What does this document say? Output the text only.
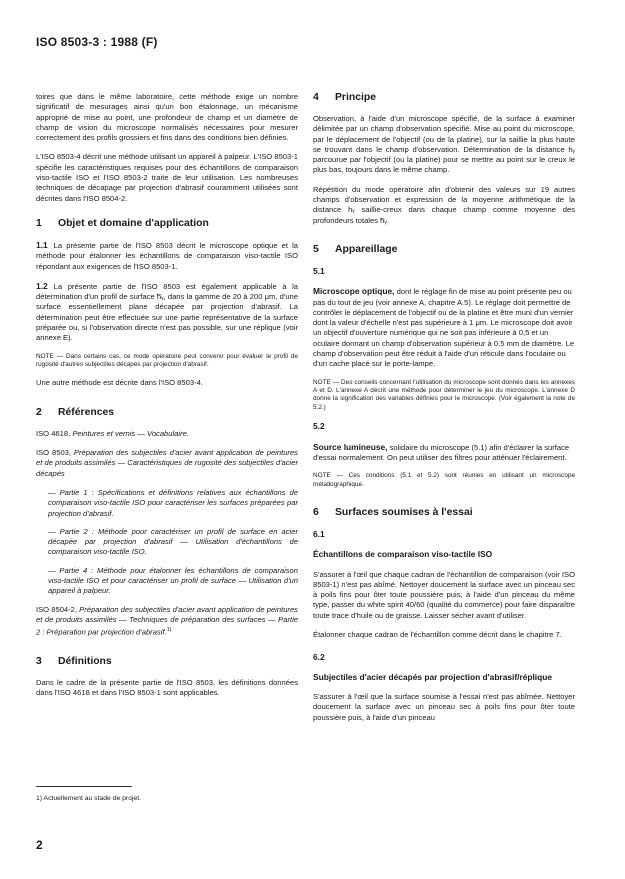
ISO 8503-3 : 1988 (F)

toires que dans le même laboratoire, cette méthode exige un nombre significatif de mesurages ainsi qu'un bon étalonnage, un mécanisme approprié de mise au point, une profondeur de champ et un diamètre de champ de vision du microscope normalisés nécessaires pour mesurer correctement des profils grossiers et fins dans des conditions bien définies.

L'ISO 8503-4 décrit une méthode utilisant un appareil à palpeur. L'ISO 8503-1 spécifie les caractéristiques requises pour des échantillons de comparaison viso-tactile ISO et l'ISO 8503-2 traite de leur utilisation. Les nombreuses techniques de décapage par projection d'abrasif couramment utilisées sont décrites dans l'ISO 8504-2.

1 Objet et domaine d'application

1.1 La présente partie de l'ISO 8503 décrit le microscope optique et la méthode pour étalonner les échantillons de comparaison viso-tactile ISO répondant aux exigences de l'ISO 8503-1.

1.2 La présente partie de l'ISO 8503 est également applicable à la détermination d'un profil de surface h̅ᵧ, dans la gamme de 20 à 200 μm, d'une surface essentiellement plane décapée par projection d'abrasif. La détermination peut être effectuée sur une partie représentative de la surface préparée ou, si l'observation directe n'est pas possible, sur une réplique (voir annexe E).

NOTE — Dans certains cas, ce mode opératoire peut convenir pour évaluer le profil de rugosité d'autres subjectiles décapés par projection d'abrasif.

Une autre méthode est décrite dans l'ISO 8503-4.

2 Références

ISO 4618, Peintures et vernis — Vocabulaire.

ISO 8503, Préparation des subjectiles d'acier avant application de peintures et de produits assimilés — Caractéristiques de rugosité des subjectiles d'acier décapés

— Partie 1 : Spécifications et définitions relatives aux échantillons de comparaison viso-tactile ISO pour caractériser les surfaces préparées par projection d'abrasif.

— Partie 2 : Méthode pour caractériser un profil de surface en acier décapée par projection d'abrasif — Utilisation d'échantillons de comparaison viso-tactile ISO.

— Partie 4 : Méthode pour étalonner les échantillons de comparaison viso-tactile ISO et pour caractériser un profil de surface — Utilisation d'un appareil à palpeur.

ISO 8504-2, Préparation des subjectiles d'acier avant application de peintures et de produits assimilés — Techniques de préparation des surfaces — Partie 2 : Préparation par projection d'abrasif.$^{1)}$

3 Définitions

Dans le cadre de la présente partie de l'ISO 8503, les définitions données dans l'ISO 4618 et dans l'ISO 8503-1 sont applicables.

4 Principe

Observation, à l'aide d'un microscope spécifié, de la surface à examiner délimitée par un champ d'observation spécifié. Mise au point du microscope, par le déplacement de l'objectif (ou de la platine), sur la saillie la plus haute se trouvant dans le champ d'observation. Détermination de la distance hᵧ parcourue par l'objectif (ou la platine) pour se mettre au point sur le creux le plus bas, toujours dans le même champ.

Répétition du mode opératoire afin d'obtenir des valeurs sur 19 autres champs d'observation et expression de la moyenne arithmétique de la distance hᵧ saillie-creux dans chaque champ comme moyenne des profondeurs totales h̅ᵧ.

5 Appareillage

5.1

Microscope optique, dont le réglage fin de mise au point présente peu ou pas du tout de jeu (voir annexe A, chapitre A.5). Le réglage doit permettre de contrôler le déplacement de l'objectif ou de la platine et être muni d'un vernier dont la valeur d'échelle n'est pas supérieure à 1 μm. Le microscope doit avoir un objectif d'ouverture numérique qui ne soit pas inférieure à 0,5 et un oculaire donnant un champ d'observation supérieur à 0,5 mm de diamètre. Le champ d'observation peut être réduit à l'aide d'un réticule dans l'oculaire ou d'un cache placé sur le porte-lampe.

NOTE — Des conseils concernant l'utilisation du microscope sont donnés dans les annexes A et D. L'annexe A décrit une méthode pour déterminer le jeu du microscope. L'annexe D donne la signification des variables définies pour le microscope. (Voir également la note de 5.2.)

5.2

Source lumineuse, solidaire du microscope (5.1) afin d'éclairer la surface d'essai normalement. On peut utiliser des filtres pour atténuer l'éclairement.

NOTE — Ces conditions (5.1 et 5.2) sont réunies en utilisant un microscope métallographique.
6 Surfaces soumises à l'essai

6.1

Échantillons de comparaison viso-tactile ISO

S'assurer à l'œil que chaque cadran de l'échantillon de comparaison (voir ISO 8503-1) n'est pas abîmé. Nettoyer doucement la surface avec un pinceau sec à poils fins pour ôter toute poussière puis, à l'aide d'un pinceau du même type, passer du white spirit 40/60 (qualité du commerce) pour faire disparaître toute trace d'huile ou de graisse. Laisser sécher avant d'utiliser.

Étalonner chaque cadran de l'échantillon comme décrit dans le chapitre 7.

6.2

Subjectiles d'acier décapés par projection d'abrasif/réplique

S'assurer à l'œil que la surface soumise à l'essai n'est pas abîmée. Nettoyer doucement la surface avec un pinceau sec à poils fins pour ôter toute poussière puis, à l'aide d'un pinceau

1) Actuellement au stade de projet.
2
